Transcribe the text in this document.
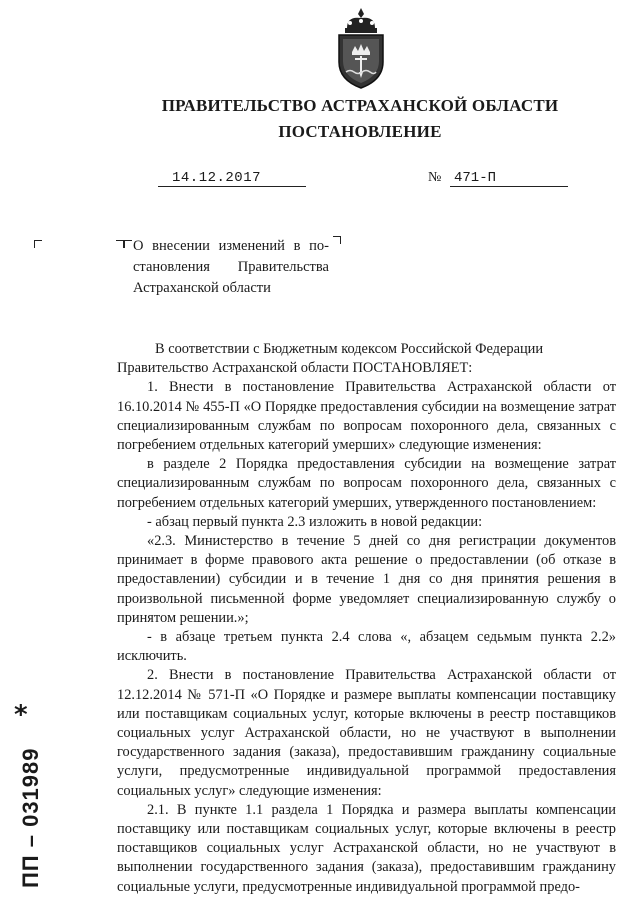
ПРАВИТЕЛЬСТВО АСТРАХАНСКОЙ ОБЛАСТИ
ПОСТАНОВЛЕНИЕ
14.12.2017	№ 471-П
О внесении изменений в по-
становления Правительства
Астраханской области

В соответствии с Бюджетным кодексом Российской Федерации

Правительство Астраханской области ПОСТАНОВЛЯЕТ:

1. Внести в постановление Правительства Астраханской области от 16.10.2014 № 455-П «О Порядке предоставления субсидии на возмещение затрат специализированным службам по вопросам похоронного дела, связанных с погребением отдельных категорий умерших» следующие изменения:

в разделе 2 Порядка предоставления субсидии на возмещение затрат специализированным службам по вопросам похоронного дела, связанных с погребением отдельных категорий умерших, утвержденного постановлением:

- абзац первый пункта 2.3 изложить в новой редакции:

«2.3. Министерство в течение 5 дней со дня регистрации документов принимает в форме правового акта решение о предоставлении (об отказе в предоставлении) субсидии и в течение 1 дня со дня принятия решения в произвольной письменной форме уведомляет специализированную службу о принятом решении.»;

- в абзаце третьем пункта 2.4 слова «, абзацем седьмым пункта 2.2» исключить.

2. Внести в постановление Правительства Астраханской области от 12.12.2014 № 571-П «О Порядке и размере выплаты компенсации поставщику или поставщикам социальных услуг, которые включены в реестр поставщиков социальных услуг Астраханской области, но не участвуют в выполнении государственного задания (заказа), предоставившим гражданину социальные услуги, предусмотренные индивидуальной программой предоставления социальных услуг» следующие изменения:

2.1. В пункте 1.1 раздела 1 Порядка и размера выплаты компенсации поставщику или поставщикам социальных услуг, которые включены в реестр поставщиков социальных услуг Астраханской области, но не участвуют в выполнении государственного задания (заказа), предоставившим гражданину социальные услуги, предусмотренные индивидуальной программой предо-

*
ПП – 031989
